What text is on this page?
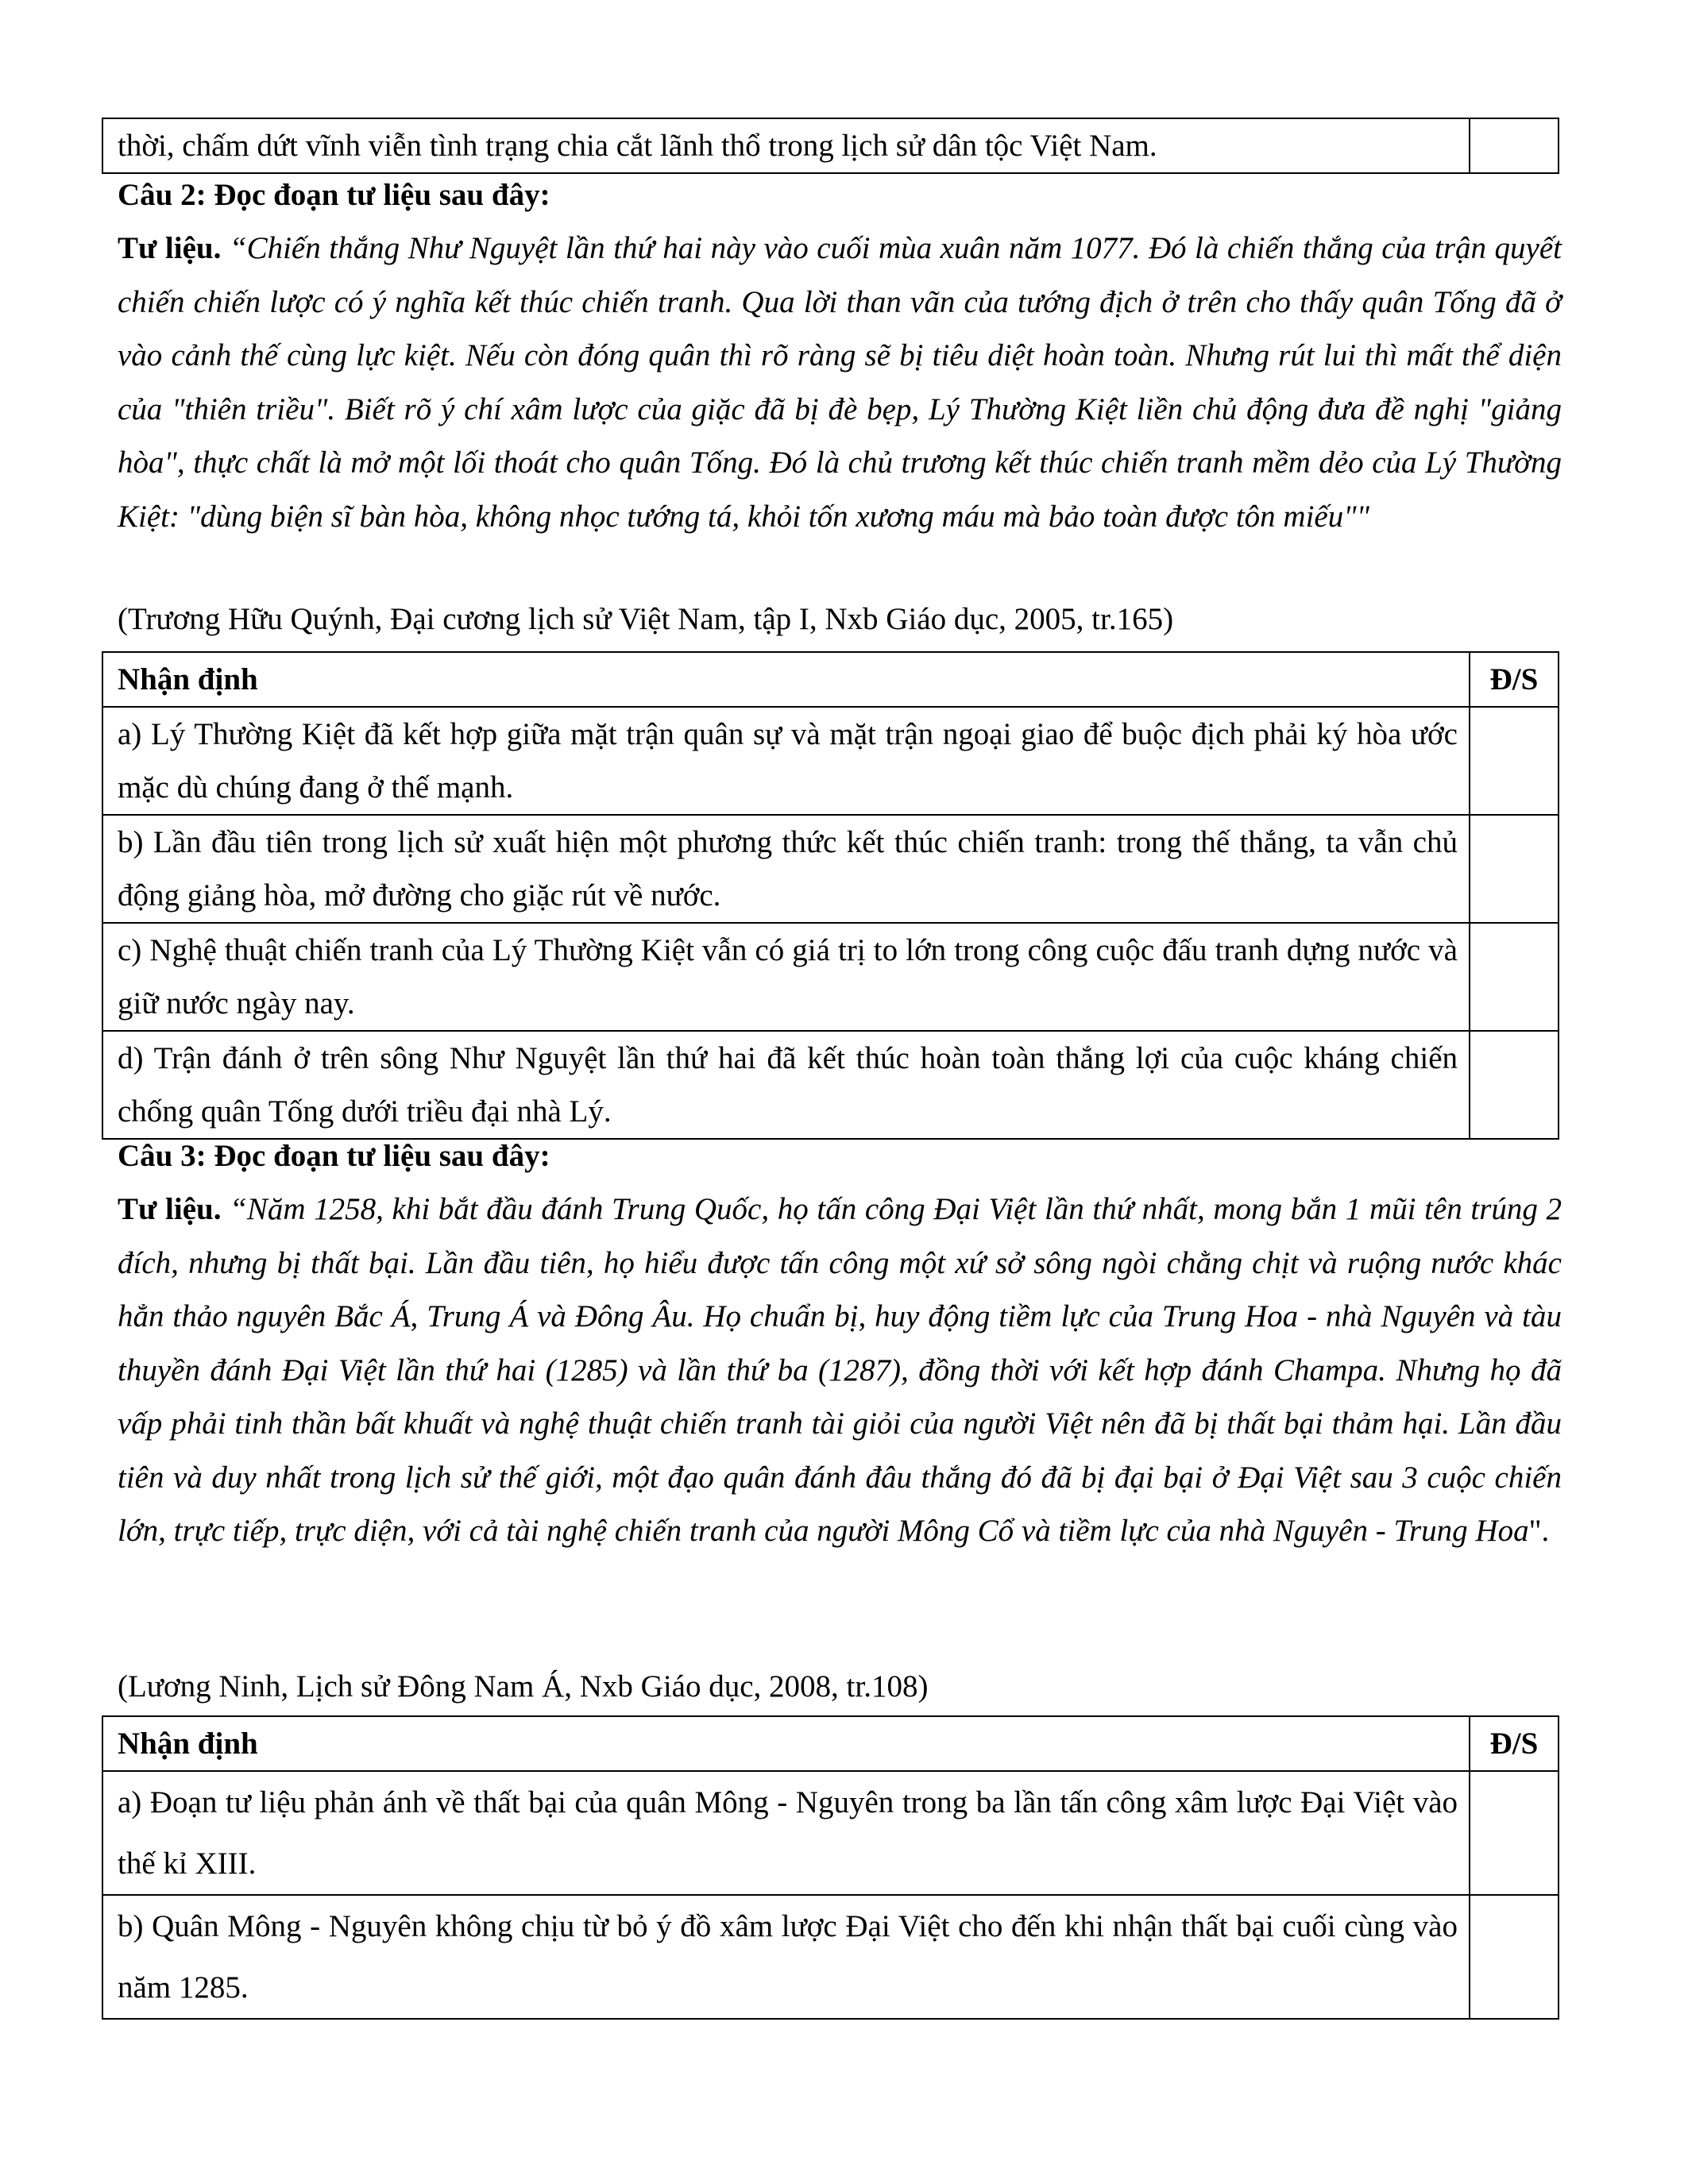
thời, chấm dứt vĩnh viễn tình trạng chia cắt lãnh thổ trong lịch sử dân tộc Việt Nam.	
Câu 2: Đọc đoạn tư liệu sau đây:
Tư liệu. “Chiến thắng Như Nguyệt lần thứ hai này vào cuối mùa xuân năm 1077. Đó là chiến thắng của trận quyết chiến chiến lược có ý nghĩa kết thúc chiến tranh. Qua lời than vãn của tướng địch ở trên cho thấy quân Tống đã ở vào cảnh thế cùng lực kiệt. Nếu còn đóng quân thì rõ ràng sẽ bị tiêu diệt hoàn toàn. Nhưng rút lui thì mất thể diện của "thiên triều". Biết rõ ý chí xâm lược của giặc đã bị đè bẹp, Lý Thường Kiệt liền chủ động đưa đề nghị "giảng hòa", thực chất là mở một lối thoát cho quân Tống. Đó là chủ trương kết thúc chiến tranh mềm dẻo của Lý Thường Kiệt: "dùng biện sĩ bàn hòa, không nhọc tướng tá, khỏi tốn xương máu mà bảo toàn được tôn miếu""
(Trương Hữu Quýnh, Đại cương lịch sử Việt Nam, tập I, Nxb Giáo dục, 2005, tr.165)
Nhận định	Đ/S
a) Lý Thường Kiệt đã kết hợp giữa mặt trận quân sự và mặt trận ngoại giao để buộc địch phải ký hòa ước mặc dù chúng đang ở thế mạnh.	
b) Lần đầu tiên trong lịch sử xuất hiện một phương thức kết thúc chiến tranh: trong thế thắng, ta vẫn chủ động giảng hòa, mở đường cho giặc rút về nước.	
c) Nghệ thuật chiến tranh của Lý Thường Kiệt vẫn có giá trị to lớn trong công cuộc đấu tranh dựng nước và giữ nước ngày nay.	
d) Trận đánh ở trên sông Như Nguyệt lần thứ hai đã kết thúc hoàn toàn thắng lợi của cuộc kháng chiến chống quân Tống dưới triều đại nhà Lý.	
Câu 3: Đọc đoạn tư liệu sau đây:
Tư liệu. “Năm 1258, khi bắt đầu đánh Trung Quốc, họ tấn công Đại Việt lần thứ nhất, mong bắn 1 mũi tên trúng 2 đích, nhưng bị thất bại. Lần đầu tiên, họ hiểu được tấn công một xứ sở sông ngòi chằng chịt và ruộng nước khác hẳn thảo nguyên Bắc Á, Trung Á và Đông Âu. Họ chuẩn bị, huy động tiềm lực của Trung Hoa - nhà Nguyên và tàu thuyền đánh Đại Việt lần thứ hai (1285) và lần thứ ba (1287), đồng thời với kết hợp đánh Champa. Nhưng họ đã vấp phải tinh thần bất khuất và nghệ thuật chiến tranh tài giỏi của người Việt nên đã bị thất bại thảm hại. Lần đầu tiên và duy nhất trong lịch sử thế giới, một đạo quân đánh đâu thắng đó đã bị đại bại ở Đại Việt sau 3 cuộc chiến lớn, trực tiếp, trực diện, với cả tài nghệ chiến tranh của người Mông Cổ và tiềm lực của nhà Nguyên - Trung Hoa".
(Lương Ninh, Lịch sử Đông Nam Á, Nxb Giáo dục, 2008, tr.108)
Nhận định	Đ/S
a) Đoạn tư liệu phản ánh về thất bại của quân Mông - Nguyên trong ba lần tấn công xâm lược Đại Việt vào thế kỉ XIII.	
b) Quân Mông - Nguyên không chịu từ bỏ ý đồ xâm lược Đại Việt cho đến khi nhận thất bại cuối cùng vào năm 1285.	
